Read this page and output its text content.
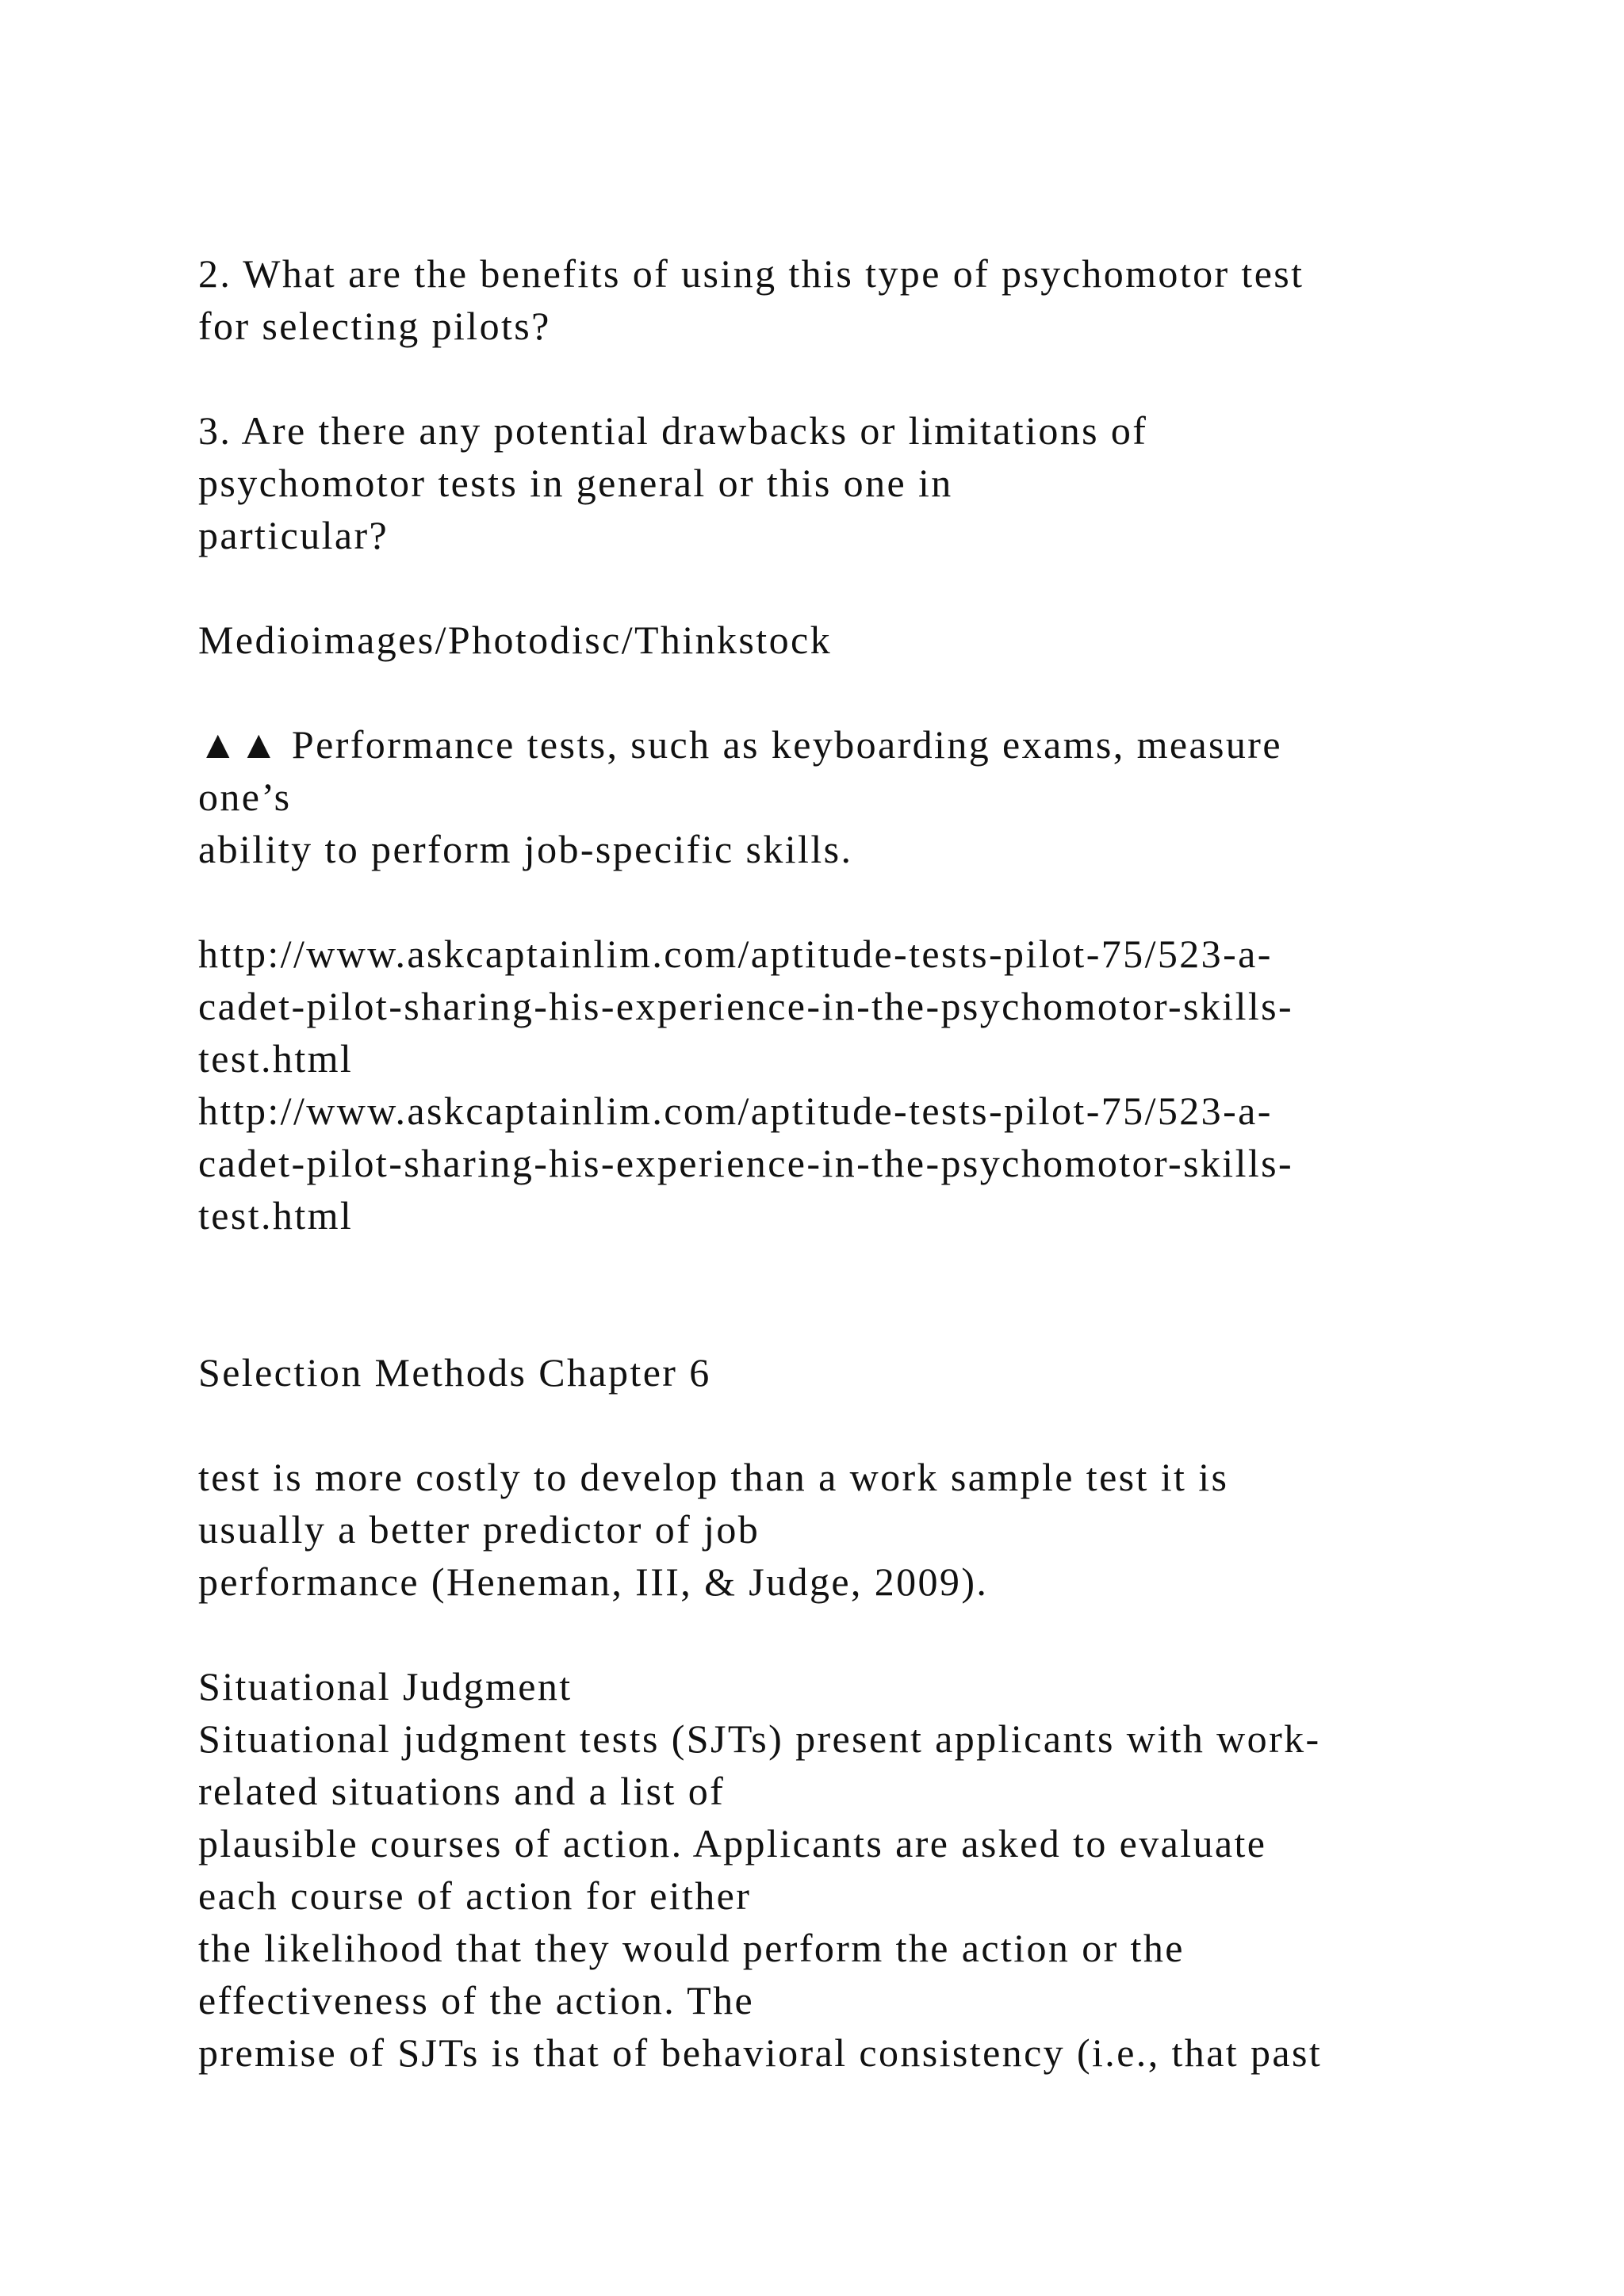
2. What are the benefits of using this type of psychomotor test
for selecting pilots?
3. Are there any potential drawbacks or limitations of
psychomotor tests in general or this one in
particular?
Medioimages/Photodisc/Thinkstock
▲▲ Performance tests, such as keyboarding exams, measure
one’s
ability to perform job-specific skills.
http://www.askcaptainlim.com/aptitude-tests-pilot-75/523-a-
cadet-pilot-sharing-his-experience-in-the-psychomotor-skills-
test.html
http://www.askcaptainlim.com/aptitude-tests-pilot-75/523-a-
cadet-pilot-sharing-his-experience-in-the-psychomotor-skills-
test.html
Selection Methods Chapter 6
test is more costly to develop than a work sample test it is
usually a better predictor of job
performance (Heneman, III, & Judge, 2009).
Situational Judgment
Situational judgment tests (SJTs) present applicants with work-
related situations and a list of
plausible courses of action. Applicants are asked to evaluate
each course of action for either
the likelihood that they would perform the action or the
effectiveness of the action. The
premise of SJTs is that of behavioral consistency (i.e., that past
